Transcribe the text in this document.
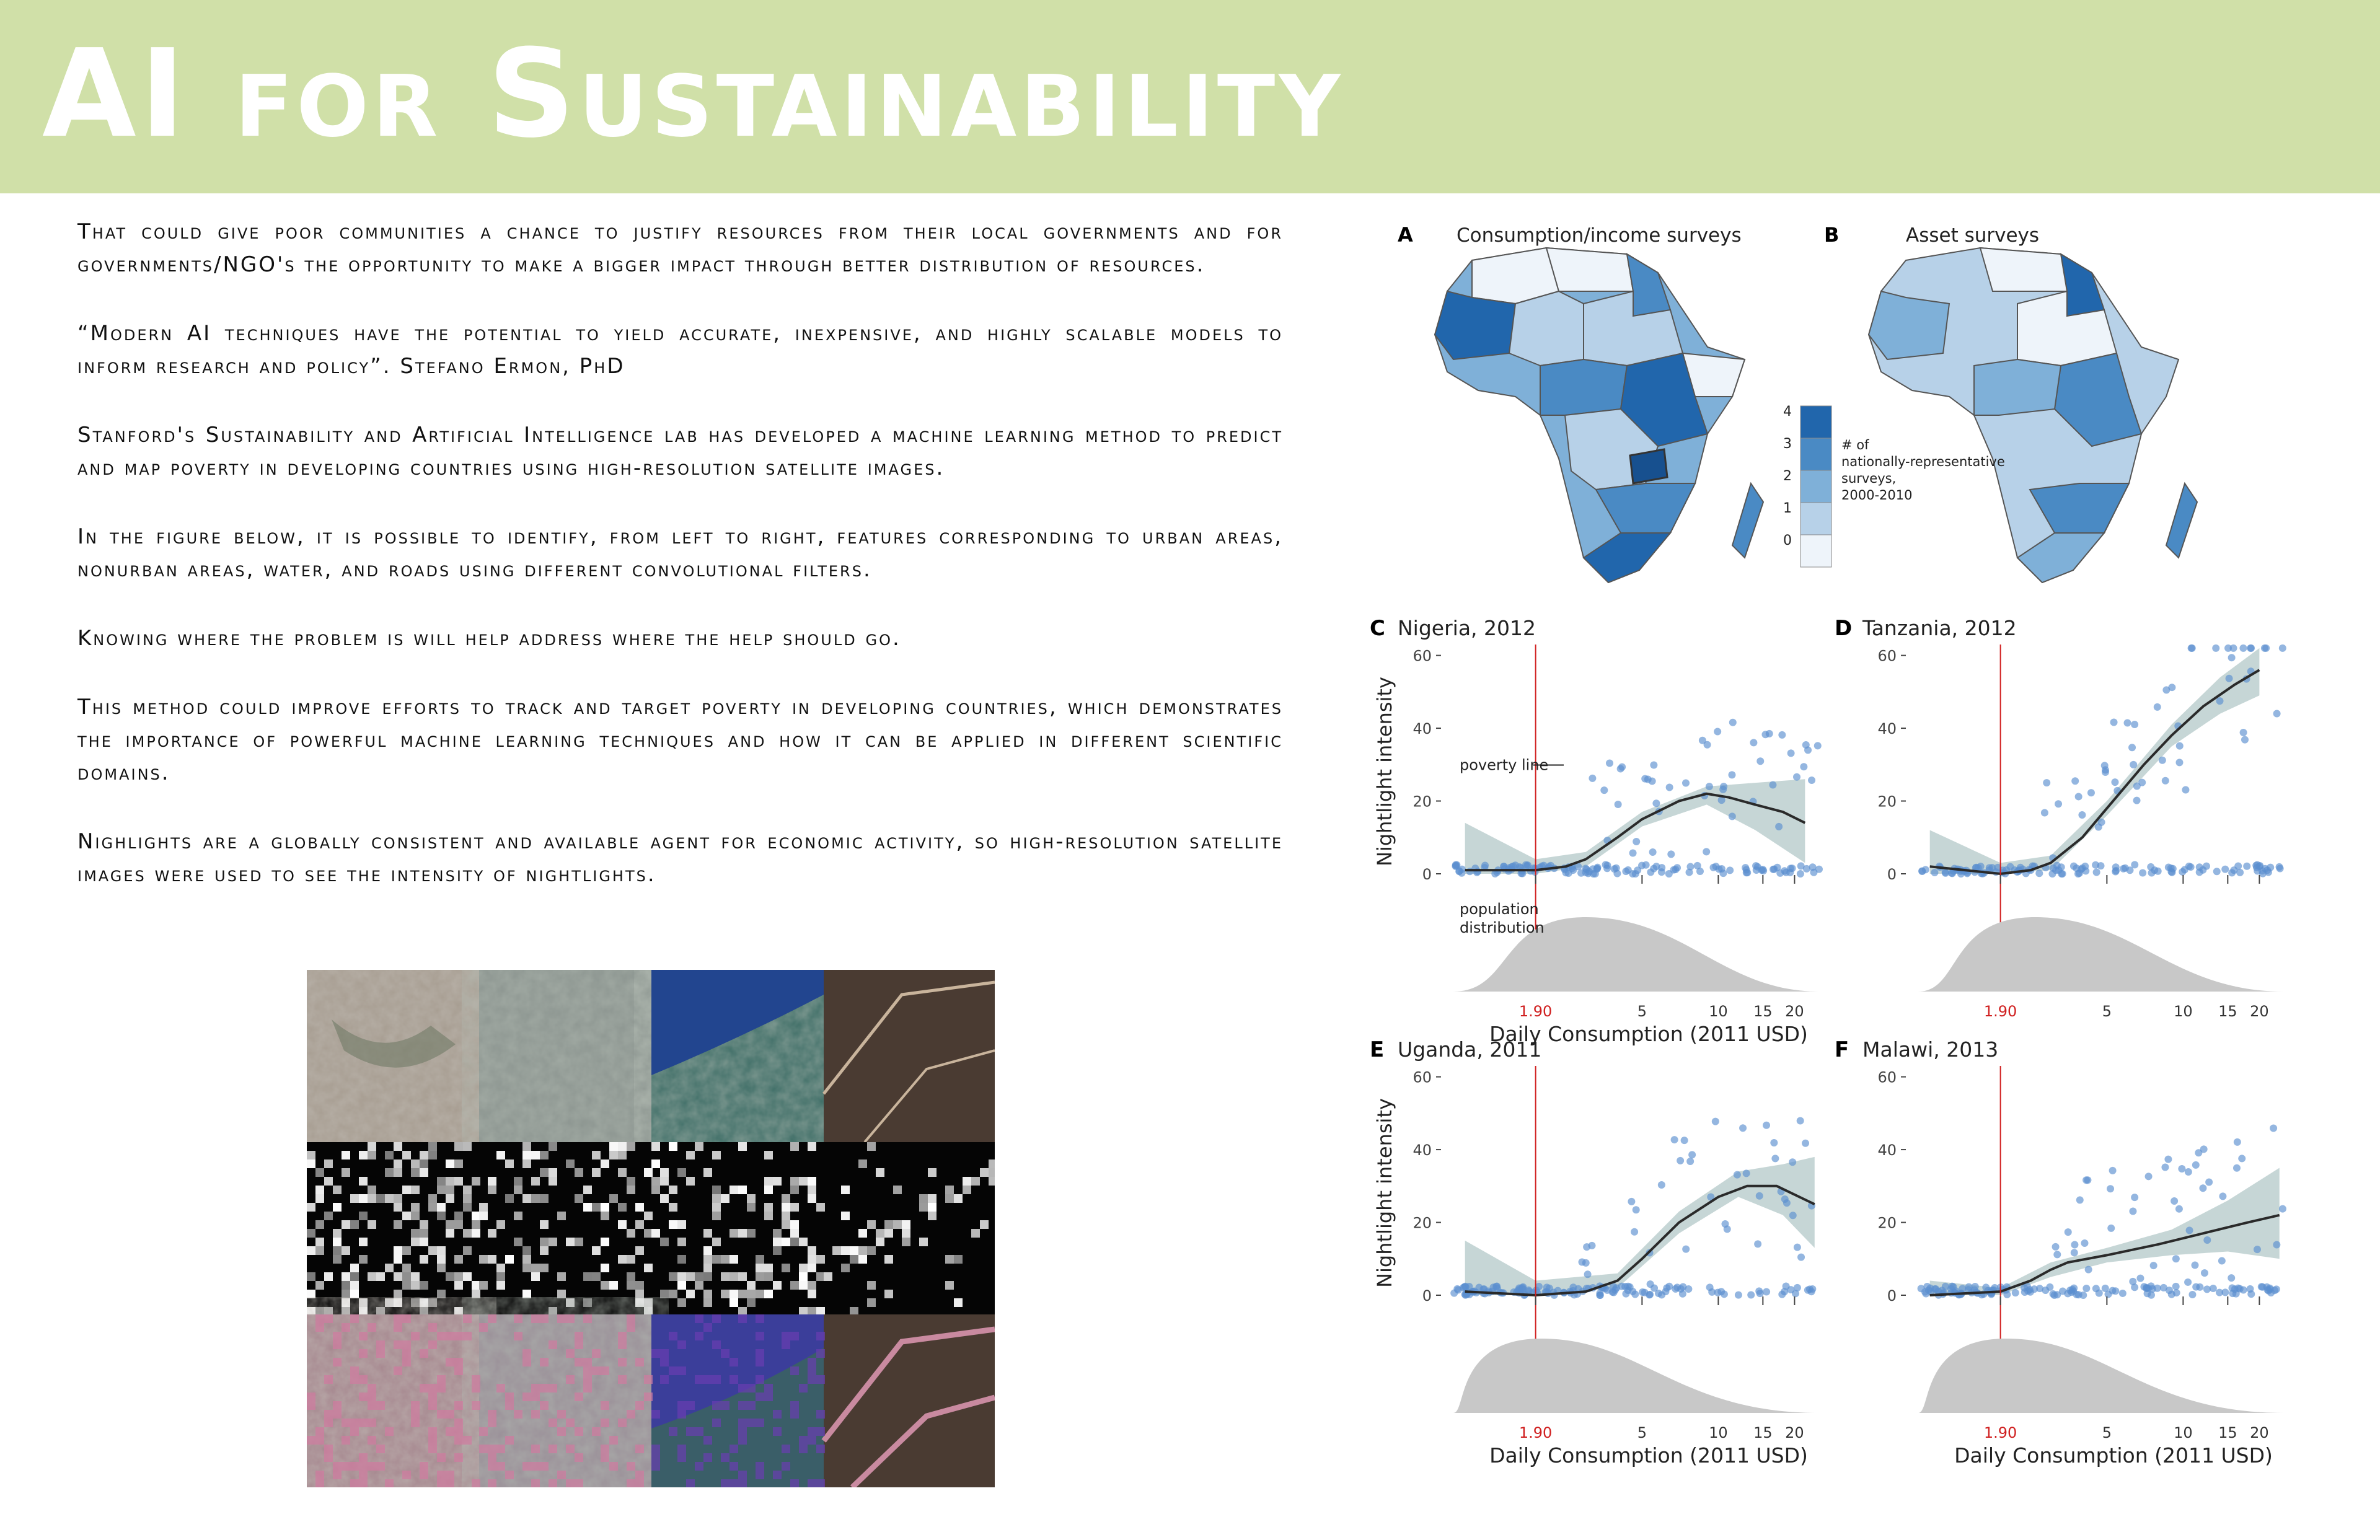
AI for Sustainability

That could give poor communities a chance to justify resources from their local governments and for governments/NGO's the opportunity to make a bigger impact through better distribution of resources.

“Modern AI techniques have the potential to yield accurate, inexpensive, and highly scalable models to inform research and policy”. Stefano Ermon, PhD

Stanford's Sustainability and Artificial Intelligence lab has developed a machine learning method to predict and map poverty in developing countries using high-resolution satellite images.

In the figure below, it is possible to identify, from left to right, features corresponding to urban areas, nonurban areas, water, and roads using different convolutional filters.

Knowing where the problem is will help address where the help should go.

This method could improve efforts to track and target poverty in developing countries, which demonstrates the importance of powerful machine learning techniques and how it can be applied in different scientific domains.

Nighlights are a globally consistent and available agent for economic activity, so high-resolution satellite images were used to see the intensity of nightlights.

A Consumption/income surveys	B	Asset surveys
4
3
2
1
0
# of nationally-representative surveys, 2000-2010
C Nigeria, 2012
0
20
40
60
Nightlight intensity
1.90	5	10 15 20
poverty line
population distribution
Daily Consumption (2011 USD)
D Tanzania, 2012
0
20
40
60
1.90	5	10 15 20
E Uganda, 2011
0
20
40
60
Nightlight intensity
1.90	5	10 15 20
Daily Consumption (2011 USD)
F Malawi, 2013
0
20
40
60
1.90	5	10 15 20
Daily Consumption (2011 USD)
